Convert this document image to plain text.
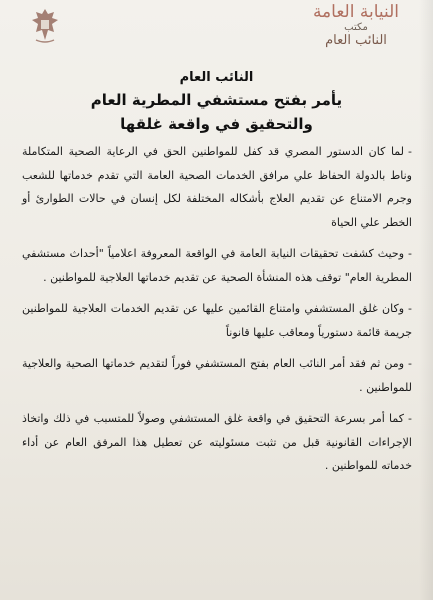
النيابة العامة
مكتب
النائب العام
النائب العام
يأمر بفتح مستشفي المطرية العام
والتحقيق في واقعة غلقها

-لما كان الدستور المصري قد كفل للمواطنين الحق في الرعاية الصحية المتكاملة وناط بالدولة الحفاظ علي مرافق الخدمات الصحية العامة التي تقدم خدماتها للشعب وجرم الامتناع عن تقديم العلاج بأشكاله المختلفة لكل إنسان في حالات الطوارئ أو الخطر علي الحياة

-وحيث كشفت تحقيقات النيابة العامة في الواقعة المعروفة اعلامياً "أحداث مستشفي المطرية العام" توقف هذه المنشأة الصحية عن تقديم خدماتها العلاجية للمواطنين .

-وكان غلق المستشفي وامتناع القائمين عليها عن تقديم الخدمات العلاجية للمواطنين جريمة قائمة دستورياً ومعاقب عليها قانوناً

-ومن ثم فقد أمر النائب العام بفتح المستشفي فوراً لتقديم خدماتها الصحية والعلاجية للمواطنين .

-كما أمر بسرعة التحقيق في واقعة غلق المستشفي وصولاً للمتسبب في ذلك واتخاذ الإجراءات القانونية قبل من تثبت مسئوليته عن تعطيل هذا المرفق العام عن أداء خدماته للمواطنين .
